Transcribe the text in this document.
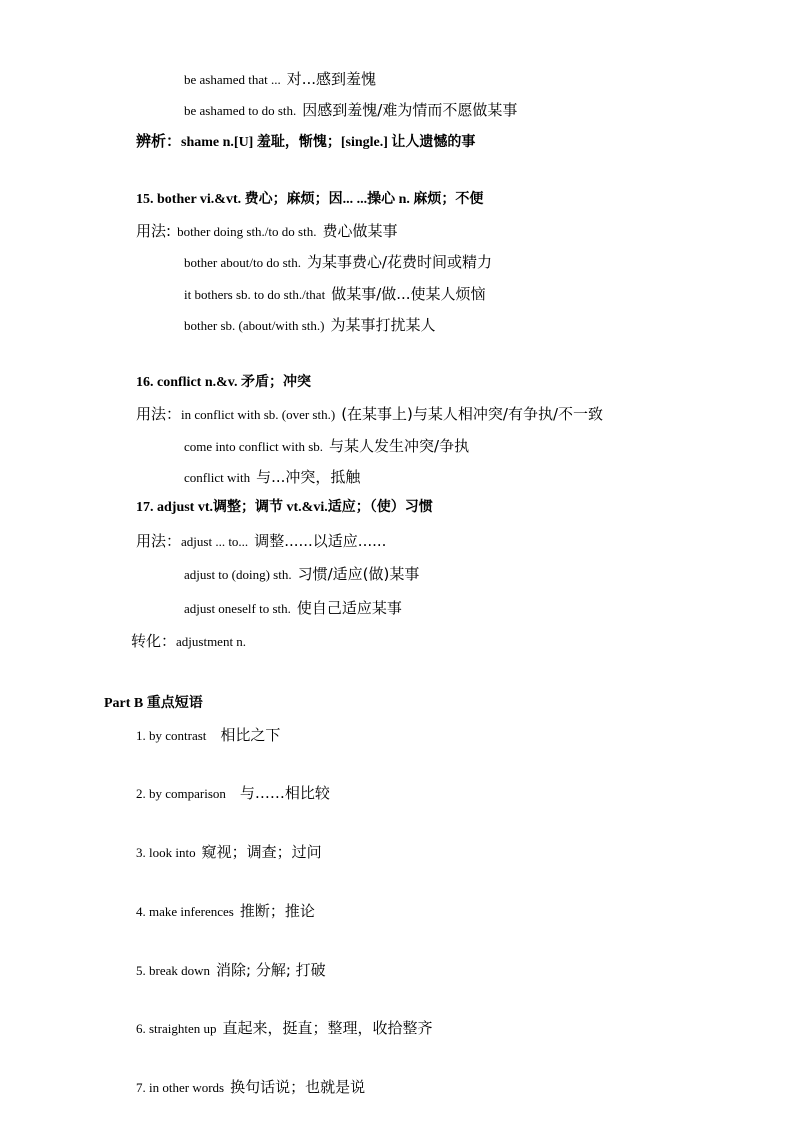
be ashamed that ... 对...感到羞愧
be ashamed to do sth. 因感到羞愧/难为情而不愿做某事
辨析：shame n.[U] 羞耻，惭愧；[single.] 让人遗憾的事
15. bother vi.&vt. 费心；麻烦；因... ...操心 n. 麻烦；不便
用法: bother doing sth./to do sth. 费心做某事
bother about/to do sth. 为某事费心/花费时间或精力
it bothers sb. to do sth./that 做某事/做...使某人烦恼
bother sb. (about/with sth.) 为某事打扰某人
16. conflict n.&v. 矛盾；冲突
用法：in conflict with sb. (over sth.) (在某事上)与某人相冲突/有争执/不一致
come into conflict with sb. 与某人发生冲突/争执
conflict with 与...冲突，抵触
17. adjust vt.调整；调节 vt.&vi.适应；（使）习惯
用法：adjust ... to... 调整......以适应......
adjust to (doing) sth. 习惯/适应(做)某事
adjust oneself to sth. 使自己适应某事
转化：adjustment n.
Part B 重点短语
1. by contrast 相比之下
2. by comparison 与……相比较
3. look into 窥视；调查；过问
4. make inferences 推断；推论
5. break down 消除; 分解; 打破
6. straighten up 直起来，挺直；整理，收拾整齐
7. in other words 换句话说；也就是说
